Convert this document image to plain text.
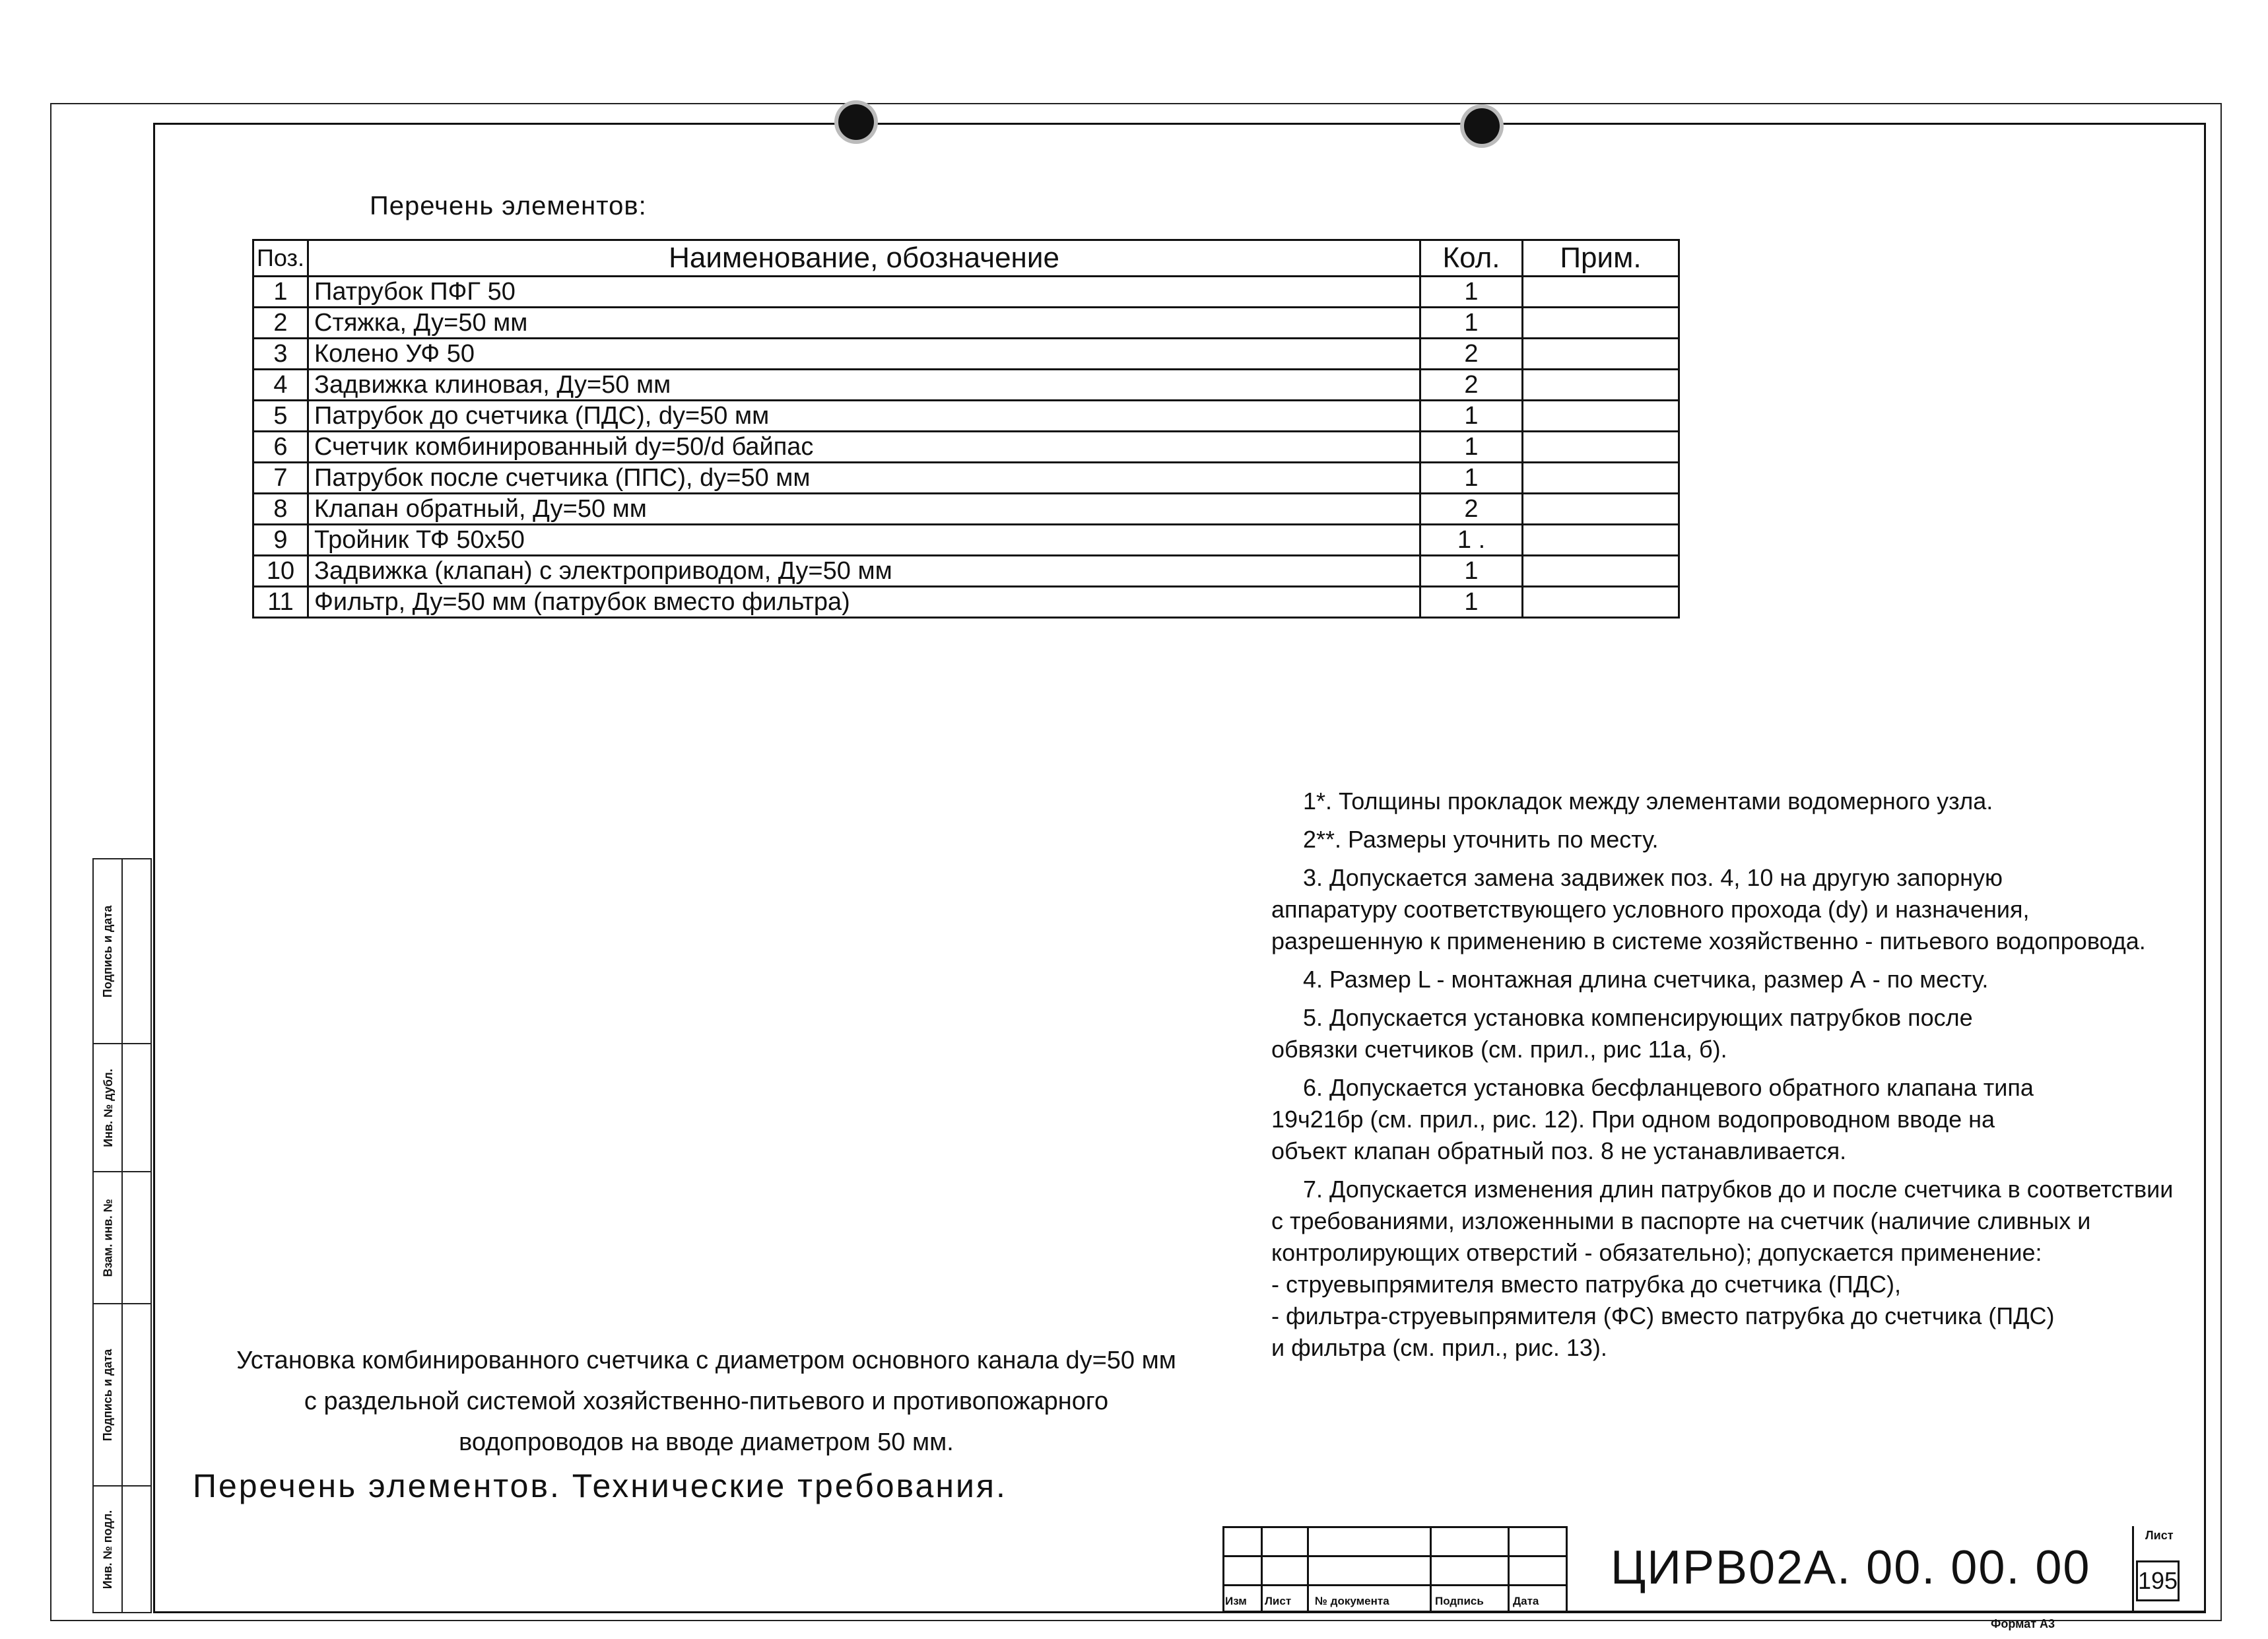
Перечень элементов:
Поз.	Наименование, обозначение	Кол.	Прим.
1	Патрубок ПФГ 50	1	
2	Стяжка, Ду=50 мм	1	
3	Колено УФ 50	2	
4	Задвижка клиновая, Ду=50 мм	2	
5	Патрубок до счетчика (ПДС), dy=50 мм	1	
6	Счетчик комбинированный dy=50/d байпас	1	
7	Патрубок после счетчика (ППС), dy=50 мм	1	
8	Клапан обратный, Ду=50 мм	2	
9	Тройник ТФ 50х50	1 .	
10	Задвижка (клапан) с электроприводом, Ду=50 мм	1	
11	Фильтр, Ду=50 мм (патрубок вместо фильтра)	1	
1*. Толщины прокладок между элементами водомерного узла.
2**. Размеры уточнить по месту.
3. Допускается замена задвижек поз. 4, 10 на другую запорную
аппаратуру соответствующего условного прохода (dy) и назначения,
разрешенную к применению в системе хозяйственно - питьевого водопровода.
4. Размер L - монтажная длина счетчика, размер А - по месту.
5. Допускается установка компенсирующих патрубков после
обвязки счетчиков (см. прил., рис 11а, б).
6. Допускается установка бесфланцевого обратного клапана типа
19ч21бр (см. прил., рис. 12). При одном водопроводном вводе на
объект клапан обратный поз. 8 не устанавливается.
7. Допускается изменения длин патрубков до и после счетчика в соответствии
с требованиями, изложенными в паспорте на счетчик (наличие сливных и
контролирующих отверстий - обязательно); допускается применение:
- струевыпрямителя вместо патрубка до счетчика (ПДС),
- фильтра-струевыпрямителя (ФС) вместо патрубка до счетчика (ПДС)
и фильтра (см. прил., рис. 13).
Установка комбинированного счетчика с диаметром основного канала dy=50 мм
с раздельной системой хозяйственно-питьевого и противопожарного
водопроводов на вводе диаметром 50 мм.
Перечень элементов. Технические требования.
Подпись и дата
Инв. № дубл.
Взам. инв. №
Подпись и дата
Инв. № подл.
Изм Лист № документа	Подпись	Дата
ЦИРВ02А. 00. 00. 00
Лист
195
Формат А3
